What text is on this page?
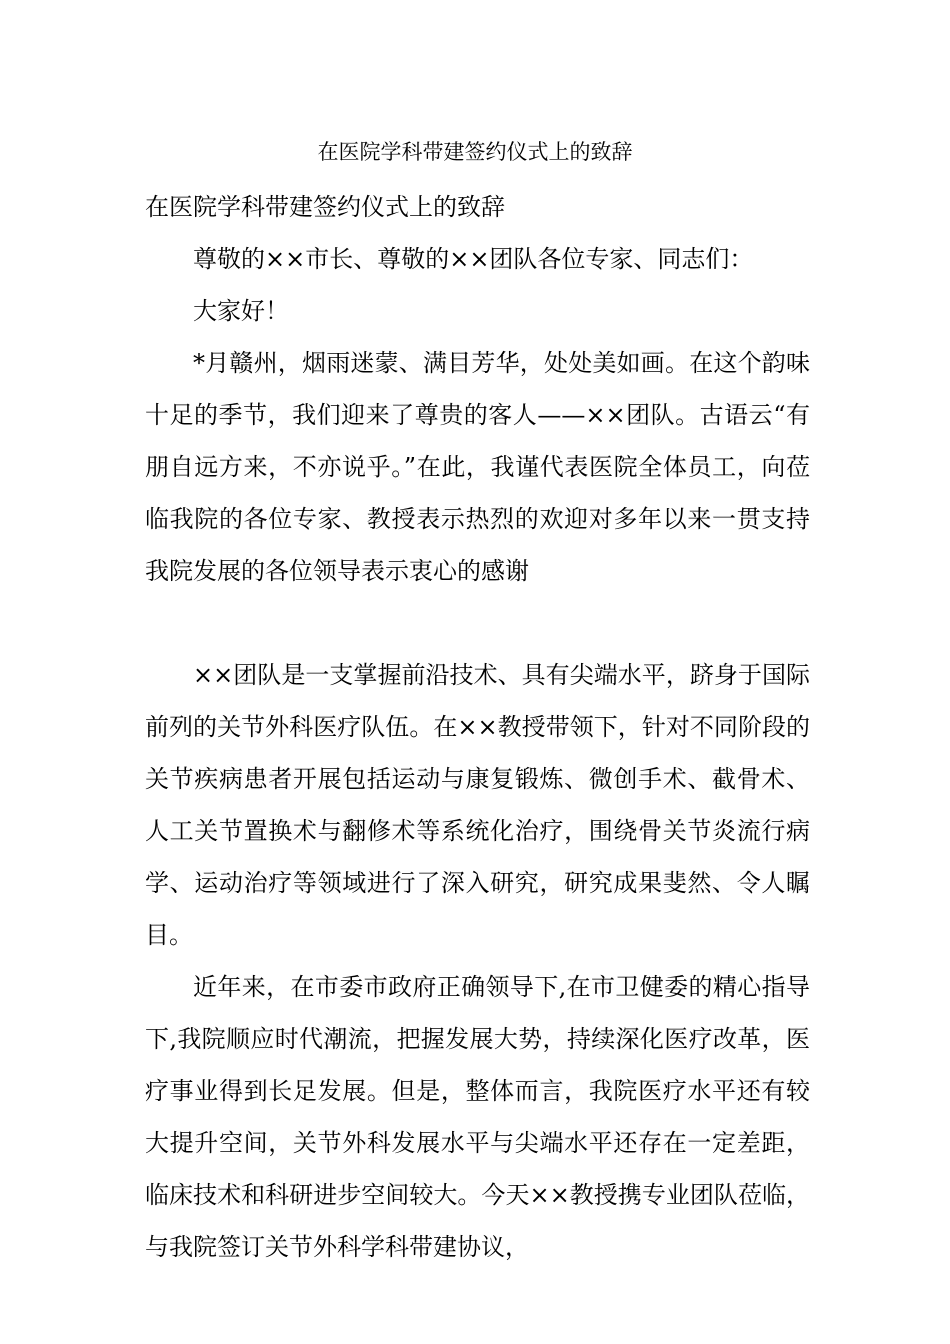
在医院学科带建签约仪式上的致辞

在医院学科带建签约仪式上的致辞

尊敬的××市长、尊敬的××团队各位专家、同志们：

大家好！

*月赣州，烟雨迷蒙、满目芳华，处处美如画。在这个韵味十足的季节，我们迎来了尊贵的客人——××团队。古语云“有朋自远方来，不亦说乎。”在此，我谨代表医院全体员工，向莅临我院的各位专家、教授表示热烈的欢迎对多年以来一贯支持我院发展的各位领导表示衷心的感谢

××团队是一支掌握前沿技术、具有尖端水平，跻身于国际前列的关节外科医疗队伍。在××教授带领下，针对不同阶段的关节疾病患者开展包括运动与康复锻炼、微创手术、截骨术、人工关节置换术与翻修术等系统化治疗，围绕骨关节炎流行病学、运动治疗等领域进行了深入研究，研究成果斐然、令人瞩目。

近年来，在市委市政府正确领导下,在市卫健委的精心指导下,我院顺应时代潮流，把握发展大势，持续深化医疗改革，医疗事业得到长足发展。但是，整体而言，我院医疗水平还有较大提升空间，关节外科发展水平与尖端水平还存在一定差距，临床技术和科研进步空间较大。今天××教授携专业团队莅临，与我院签订关节外科学科带建协议，
